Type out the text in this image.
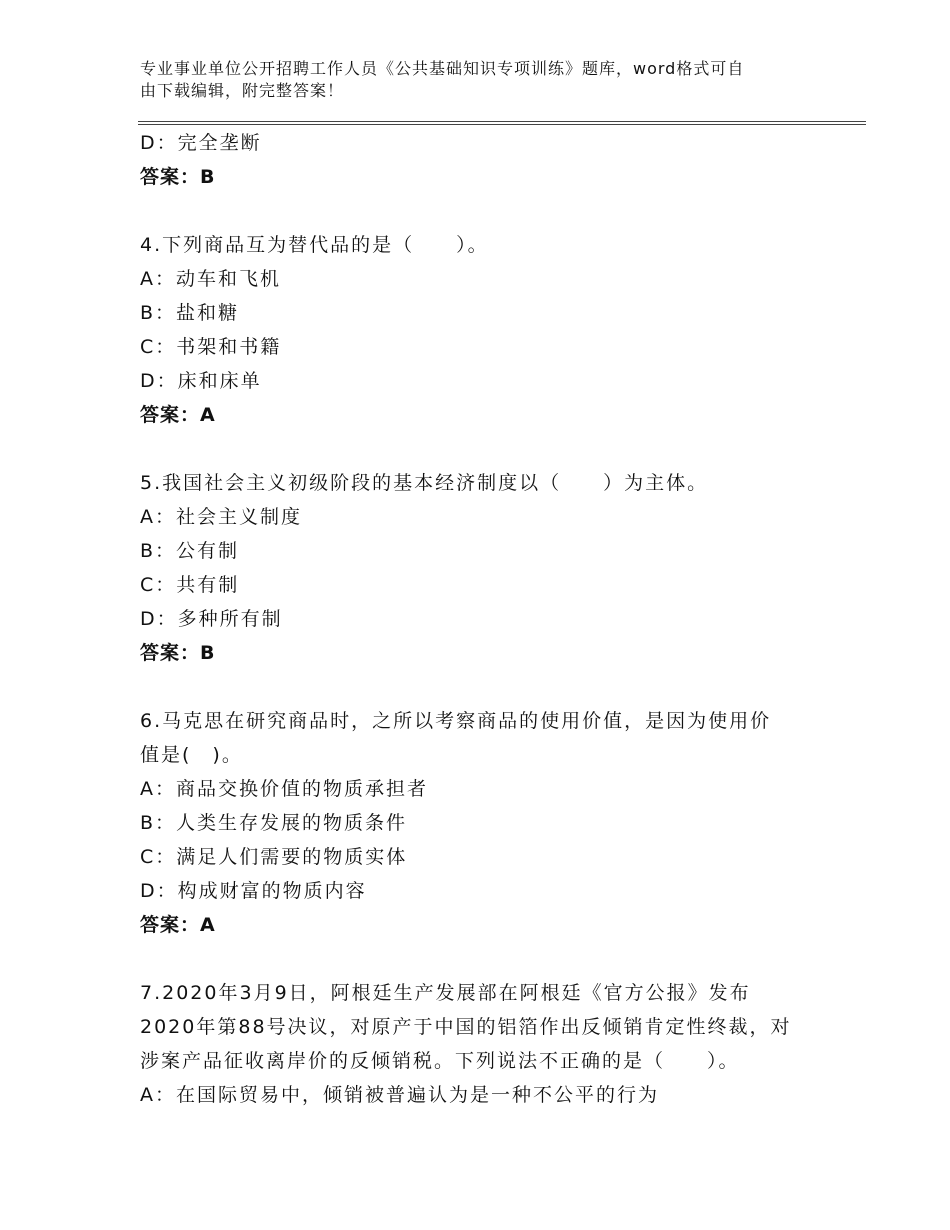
专业事业单位公开招聘工作人员《公共基础知识专项训练》题库，word格式可自
由下载编辑，附完整答案！
D：完全垄断
答案：B
4.下列商品互为替代品的是（　　）。
A：动车和飞机
B：盐和糖
C：书架和书籍
D：床和床单
答案：A
5.我国社会主义初级阶段的基本经济制度以（　　）为主体。
A：社会主义制度
B：公有制
C：共有制
D：多种所有制
答案：B
6.马克思在研究商品时，之所以考察商品的使用价值，是因为使用价
值是(　)。
A：商品交换价值的物质承担者
B：人类生存发展的物质条件
C：满足人们需要的物质实体
D：构成财富的物质内容
答案：A
7.2020年3月9日，阿根廷生产发展部在阿根廷《官方公报》发布
2020年第88号决议，对原产于中国的铝箔作出反倾销肯定性终裁，对
涉案产品征收离岸价的反倾销税。下列说法不正确的是（　　）。
A：在国际贸易中，倾销被普遍认为是一种不公平的行为
